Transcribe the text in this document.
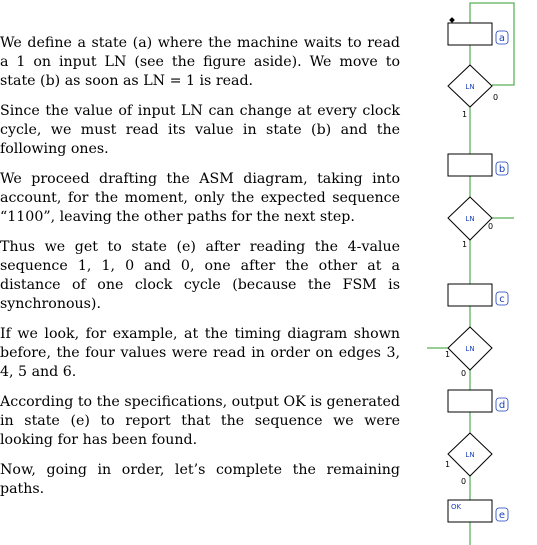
We define a state (a) where the machine waits to read a 1 on input LN (see the figure aside). We move to state (b) as soon as LN = 1 is read.

Since the value of input LN can change at every clock cycle, we must read its value in state (b) and the following ones.

We proceed drafting the ASM diagram, taking into account, for the moment, only the expected sequence “1100”, leaving the other paths for the next step.

Thus we get to state (e) after reading the 4-value sequence 1, 1, 0 and 0, one after the other at a distance of one clock cycle (because the FSM is synchronous).

If we look, for example, at the timing diagram shown before, the four values were read in order on edges 3, 4, 5 and 6.

According to the specifications, output OK is generated in state (e) to report that the sequence we were looking for has been found.

Now, going in order, let’s complete the remaining paths.

a
b
c
d
e
OK
LN
LN
LN
LN
1
0
1
0
1
0
1
0
